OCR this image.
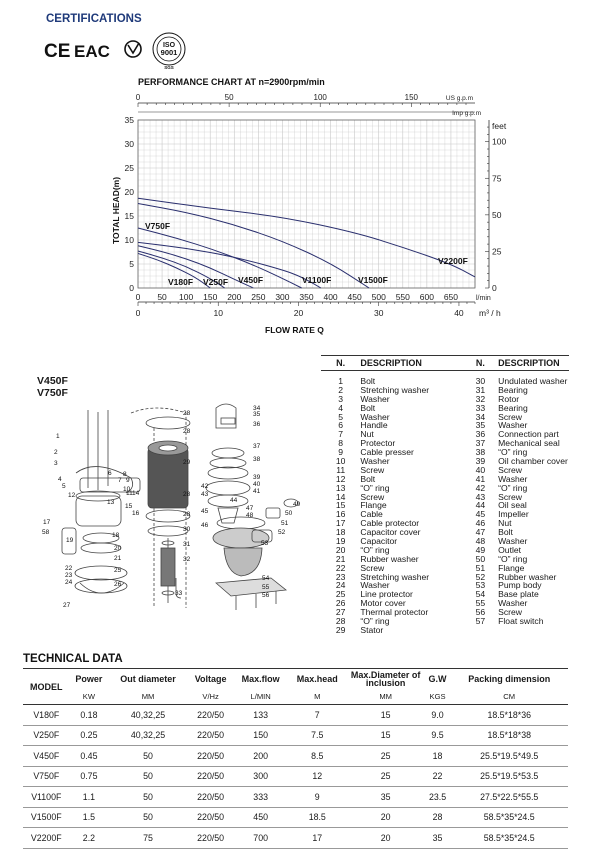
CERTIFICATIONS
CE EAC	ISO
9001
SGS
PERFORMANCE CHART AT n=2900rpm/min
0	50	100	150	US g.p.m
Imp g.p.m
0
5
10
15
20
25
30
35
TOTAL HEAD(m)
0
25
50
75
100
feet
0 50 100 150 200 250 300 350 400 450 500 550 600 650	l/min
0	10	20	30	40 m³ / h
FLOW RATE Q
V180F V250F V450F
V750F
V1100F	V1500F
V2200F
V450F
V750F
1
2
3
4
5
6
7
8
9
10
11
12
13
14
15
16
17
18
19
20
21
22
23
24
25
26
27
28
28
29
28
28
30
31
32
33
34
35
36
37
38
39
40
41
42
43
44
45
46
47
48
49
50
51
52
53
54
55
56
58
N.	DESCRIPTION	N.	DESCRIPTION
1	Bolt	30	Undulated washer
2	Stretching washer	31	Bearing
3	Washer	32	Rotor
4	Bolt	33	Bearing
5	Washer	34	Screw
6	Handle	35	Washer
7	Nut	36	Connection part
8	Protector	37	Mechanical seal
9	Cable presser	38	“O” ring
10	Washer	39	Oil chamber cover
11	Screw	40	Screw
12	Bolt	41	Washer
13	“O” ring	42	“O” ring
14	Screw	43	Screw
15	Flange	44	Oil seal
16	Cable	45	Impeller
17	Cable protector	46	Nut
18	Capacitor cover	47	Bolt
19	Capacitor	48	Washer
20	“O” ring	49	Outlet
21	Rubber washer	50	“O” ring
22	Screw	51	Flange
23	Stretching washer	52	Rubber washer
24	Washer	53	Pump body
25	Line protector	54	Base plate
26	Motor cover	55	Washer
27	Thermal protector	56	Screw
28	“O” ring	57	Float switch
29	Stator
TECHNICAL DATA
MODEL	Power	Out diameter	Voltage	Max.flow	Max.head	Max.Diameter of inclusion	G.W	Packing dimension
	KW	MM	V/Hz	L/MIN	M	MM	KGS	CM
V180F	0.18	40,32,25	220/50	133	7	15	9.0	18.5*18*36
V250F	0.25	40,32,25	220/50	150	7.5	15	9.5	18.5*18*38
V450F	0.45	50	220/50	200	8.5	25	18	25.5*19.5*49.5
V750F	0.75	50	220/50	300	12	25	22	25.5*19.5*53.5
V1100F	1.1	50	220/50	333	9	35	23.5	27.5*22.5*55.5
V1500F	1.5	50	220/50	450	18.5	20	28	58.5*35*24.5
V2200F	2.2	75	220/50	700	17	20	35	58.5*35*24.5
